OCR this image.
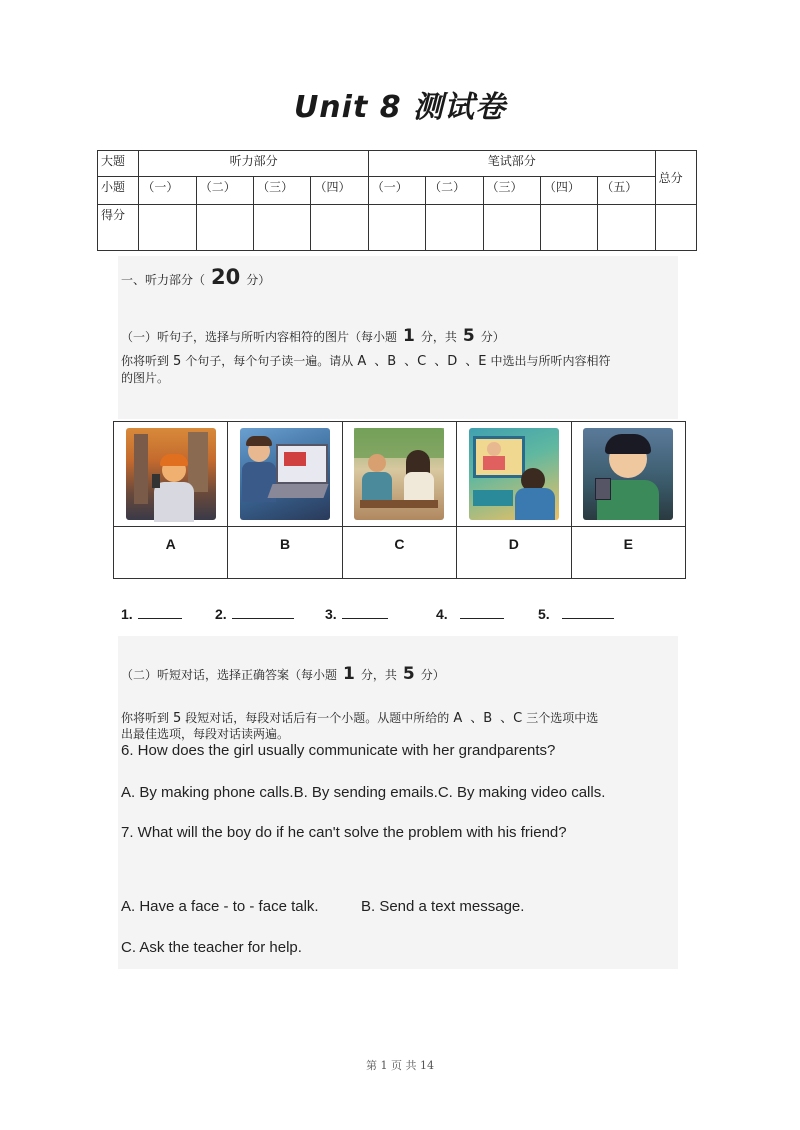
Unit 8 测试卷
大题	听力部分				笔试部分					总分
小题	（一）	（二）	（三）	（四）	（一）	（二）	（三）	（四）	（五）	
得分										
一、听力部分（ 20 分）
（一）听句子，选择与所听内容相符的图片（每小题 1 分，共 5 分）
你将听到 5 个句子，每个句子读一遍。请从 A 、B 、C 、D 、E 中选出与所听内容相符
的图片。

A	B	C	D	E
1.	2.	3.	4.	5.
（二）听短对话，选择正确答案（每小题 1 分，共 5 分）
你将听到 5 段短对话，每段对话后有一个小题。从题中所给的 A 、B 、C 三个选项中选
出最佳选项，每段对话读两遍。
6. How does the girl usually communicate with her grandparents?
A. By making phone calls.B. By sending emails.C. By making video calls.
7. What will the boy do if he can't solve the problem with his friend?
A. Have a face - to - face talk.	B. Send a text message.
C. Ask the teacher for help.
第 1 页 共 14
